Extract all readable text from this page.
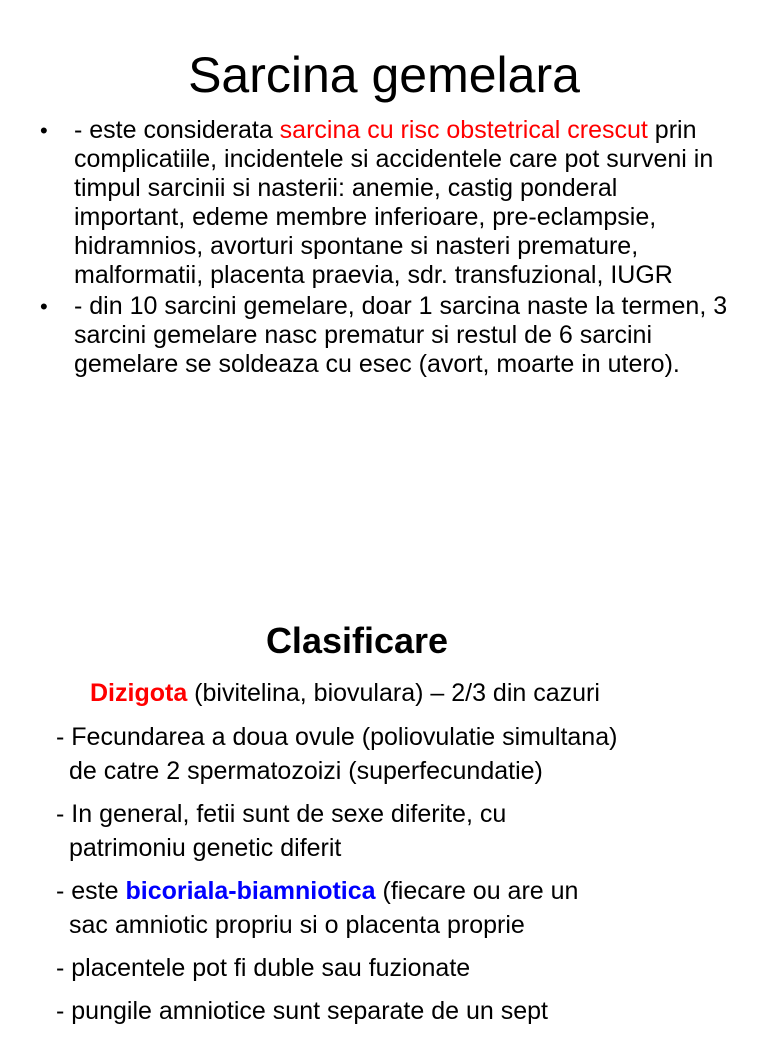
Sarcina gemelara
• - este considerata sarcina cu risc obstetrical crescut prin complicatiile, incidentele si accidentele care pot surveni in timpul sarcinii si nasterii: anemie, castig ponderal important, edeme membre inferioare, pre-eclampsie, hidramnios, avorturi spontane si nasteri premature, malformatii, placenta praevia, sdr. transfuzional, IUGR
• - din 10 sarcini gemelare, doar 1 sarcina naste la termen, 3 sarcini gemelare nasc prematur si restul de 6 sarcini gemelare se soldeaza cu esec (avort, moarte in utero).
Clasificare
Dizigota (bivitelina, biovulara) – 2/3 din cazuri
- Fecundarea a doua ovule (poliovulatie simultana)
de catre 2 spermatozoizi (superfecundatie)
- In general, fetii sunt de sexe diferite, cu
patrimoniu genetic diferit
- este bicoriala-biamniotica (fiecare ou are un
sac amniotic propriu si o placenta proprie
- placentele pot fi duble sau fuzionate
- pungile amniotice sunt separate de un sept
